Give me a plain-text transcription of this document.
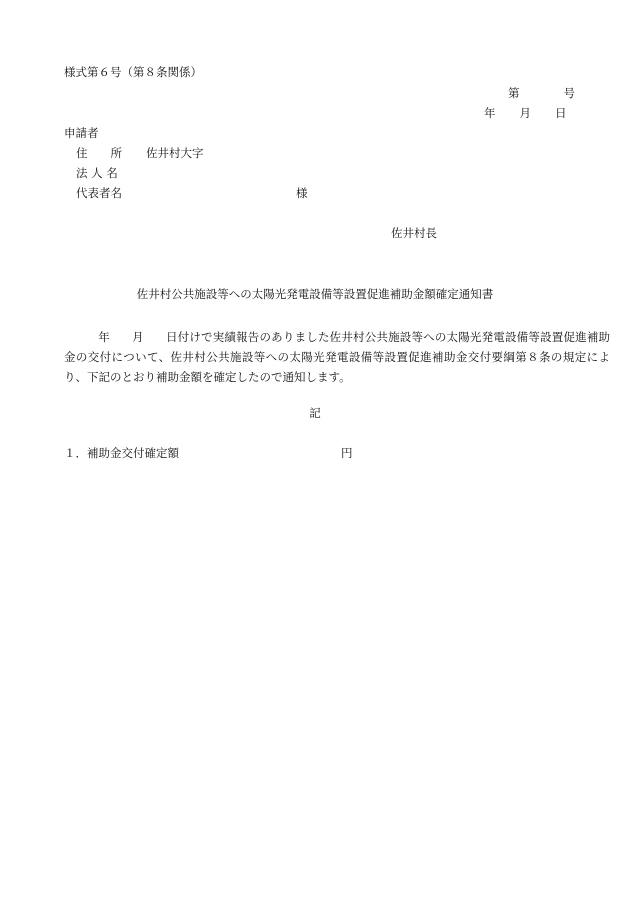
様式第６号（第８条関係）
第	号
年 月 日
申請者
住　　所 佐井村大字
法 人 名
代表者名	様
佐井村長
佐井村公共施設等への太陽光発電設備等設置促進補助金額確定通知書
年 月 日付けで実績報告のありました佐井村公共施設等への太陽光発電設備等設置促進補助金の交付について、佐井村公共施設等への太陽光発電設備等設置促進補助金交付要綱第８条の規定により、下記のとおり補助金額を確定したので通知します。
記
１．補助金交付確定額	円
